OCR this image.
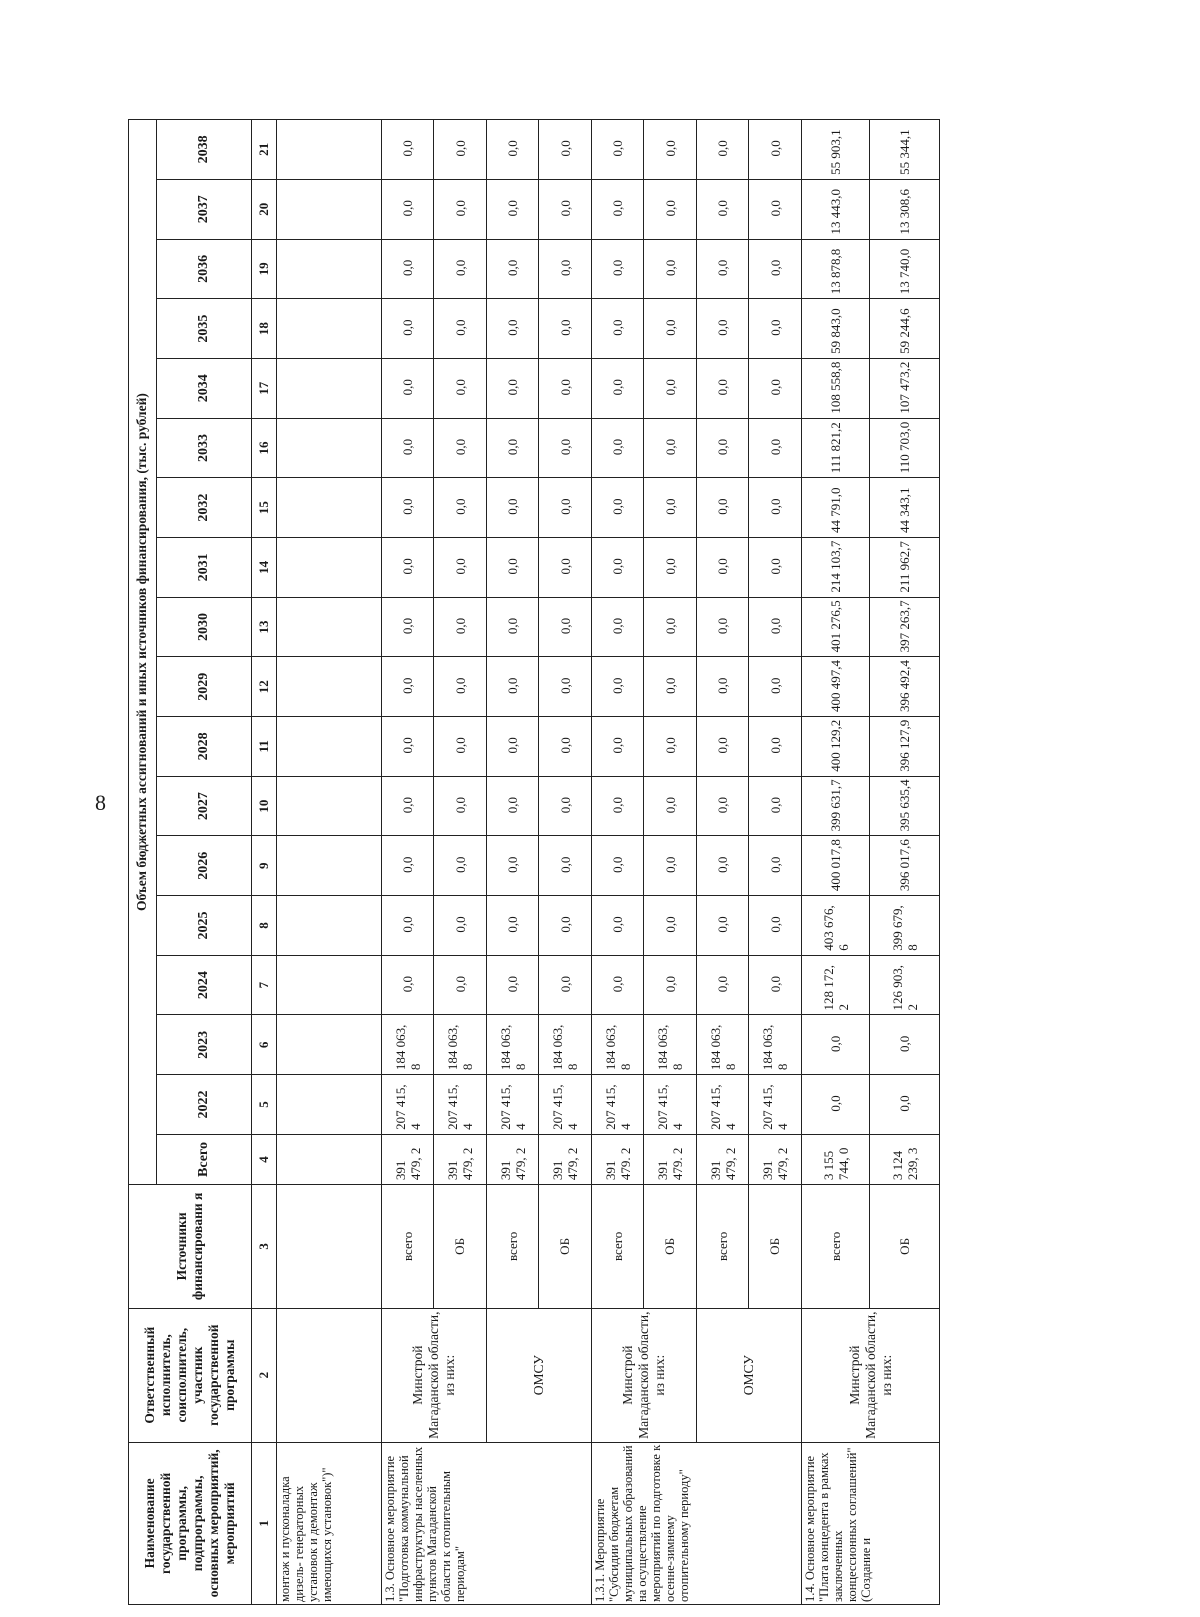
8
Наименование государственной программы, подпрограммы, основных мероприятий, мероприятий	Ответственный исполнитель, соисполнитель, участник государственной программы	Источники финансировани я	Объем бюджетных ассигнований и иных источников финансирования, (тыс. рублей)																	
			Всего	2022	2023	2024	2025	2026	2027	2028	2029	2030	2031	2032	2033	2034	2035	2036	2037	2038
1	2	3	4	5	6	7	8	9	10	11	12	13	14	15	16	17	18	19	20	21
монтаж и пусконаладка дизель- генераторных установок и демонтаж имеющихся установок")"																				
1.3. Основное мероприятие "Подготовка коммунальной инфраструктуры населенных пунктов Магаданской области к отопительным периодам"	Минстрой Магаданской области, из них:	всего	391 479, 2	207 415, 4	184 063, 8	0,0	0,0	0,0	0,0	0,0	0,0	0,0	0,0	0,0	0,0	0,0	0,0	0,0	0,0	0,0
		ОБ	391 479, 2	207 415, 4	184 063, 8	0,0	0,0	0,0	0,0	0,0	0,0	0,0	0,0	0,0	0,0	0,0	0,0	0,0	0,0	0,0
	ОМСУ	всего	391 479, 2	207 415, 4	184 063, 8	0,0	0,0	0,0	0,0	0,0	0,0	0,0	0,0	0,0	0,0	0,0	0,0	0,0	0,0	0,0
		ОБ	391 479, 2	207 415, 4	184 063, 8	0,0	0,0	0,0	0,0	0,0	0,0	0,0	0,0	0,0	0,0	0,0	0,0	0,0	0,0	0,0
1.3.1. Мероприятие "Субсидии бюджетам муниципальных образований на осуществление мероприятий по подготовке к осенне-зимнему отопительному периоду"	Минстрой Магаданской области, из них:	всего	391 479. 2	207 415, 4	184 063, 8	0,0	0,0	0,0	0,0	0,0	0,0	0,0	0,0	0,0	0,0	0,0	0,0	0,0	0,0	0,0
		ОБ	391 479. 2	207 415, 4	184 063, 8	0,0	0,0	0,0	0,0	0,0	0,0	0,0	0,0	0,0	0,0	0,0	0,0	0,0	0,0	0,0
	ОМСУ	всего	391 479, 2	207 415, 4	184 063, 8	0,0	0,0	0,0	0,0	0,0	0,0	0,0	0,0	0,0	0,0	0,0	0,0	0,0	0,0	0,0
		ОБ	391 479, 2	207 415, 4	184 063, 8	0,0	0,0	0,0	0,0	0,0	0,0	0,0	0,0	0,0	0,0	0,0	0,0	0,0	0,0	0,0
1.4. Основное мероприятие "Плата концедента в рамках заключенных концессионных соглашений" (Создание и	Минстрой Магаданской области, из них:	всего	3 155 744, 0	0,0	0,0	128 172, 2	403 676, 6	400 017,8	399 631,7	400 129,2	400 497,4	401 276,5	214 103,7	44 791,0	111 821,2	108 558,8	59 843,0	13 878,8	13 443,0	55 903,1
		ОБ	3 124 239, 3	0,0	0,0	126 903, 2	399 679, 8	396 017,6	395 635,4	396 127,9	396 492,4	397 263,7	211 962,7	44 343,1	110 703,0	107 473,2	59 244,6	13 740,0	13 308,6	55 344,1
